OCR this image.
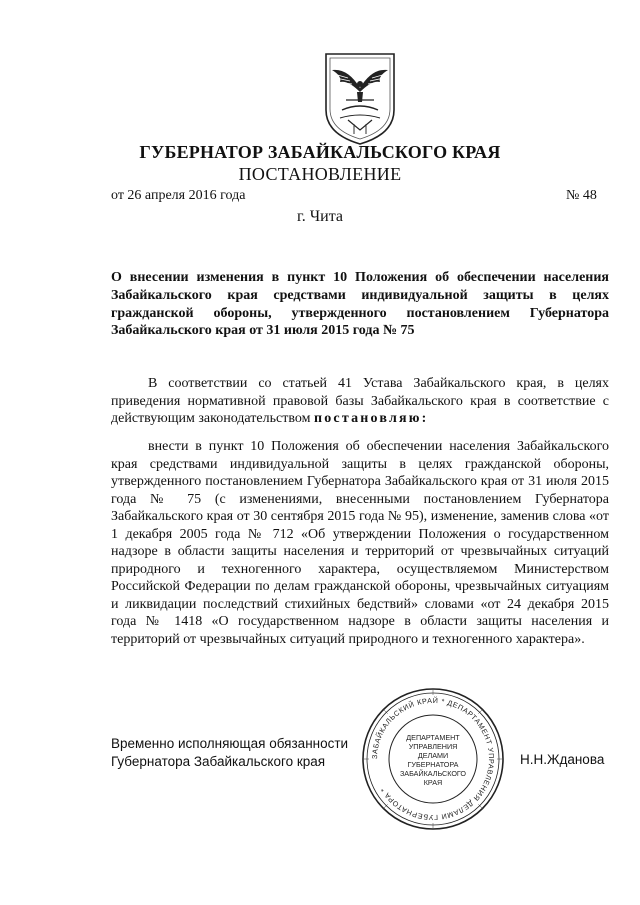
ГУБЕРНАТОР ЗАБАЙКАЛЬСКОГО КРАЯ
ПОСТАНОВЛЕНИЕ
от 26 апреля 2016 года	№ 48
г. Чита
О внесении изменения в пункт 10 Положения об обеспечении населения
Забайкальского края средствами индивидуальной защиты в целях
гражданской обороны, утвержденного постановлением Губернатора
Забайкальского края от 31 июля 2015 года № 75
В соответствии со статьей 41 Устава Забайкальского края, в целях приведения нормативной правовой базы Забайкальского края в соответствие с действующим законодательством постановляю:
внести в пункт 10 Положения об обеспечении населения Забайкальского края средствами индивидуальной защиты в целях гражданской обороны, утвержденного постановлением Губернатора Забайкальского края от 31 июля 2015 года № 75 (с изменениями, внесенными постановлением Губернатора Забайкальского края от 30 сентября 2015 года № 95), изменение, заменив слова «от 1 декабря 2005 года № 712 «Об утверждении Положения о государственном надзоре в области защиты населения и территорий от чрезвычайных ситуаций природного и техногенного характера, осуществляемом Министерством Российской Федерации по делам гражданской обороны, чрезвычайных ситуациям и ликвидации последствий стихийных бедствий» словами «от 24 декабря 2015 года № 1418 «О государственном надзоре в области защиты населения и территорий от чрезвычайных ситуаций природного и техногенного характера».
Временно исполняющая обязанности
Губернатора Забайкальского края	ЗАБАЙКАЛЬСКИЙ КРАЙ * ДЕПАРТАМЕНТ УПРАВЛЕНИЯ ДЕЛАМИ ГУБЕРНАТОРА *
ДЕПАРТАМЕНТ
УПРАВЛЕНИЯ
ДЕЛАМИ
ГУБЕРНАТОРА
ЗАБАЙКАЛЬСКОГО
КРАЯ
Н.Н.Жданова
